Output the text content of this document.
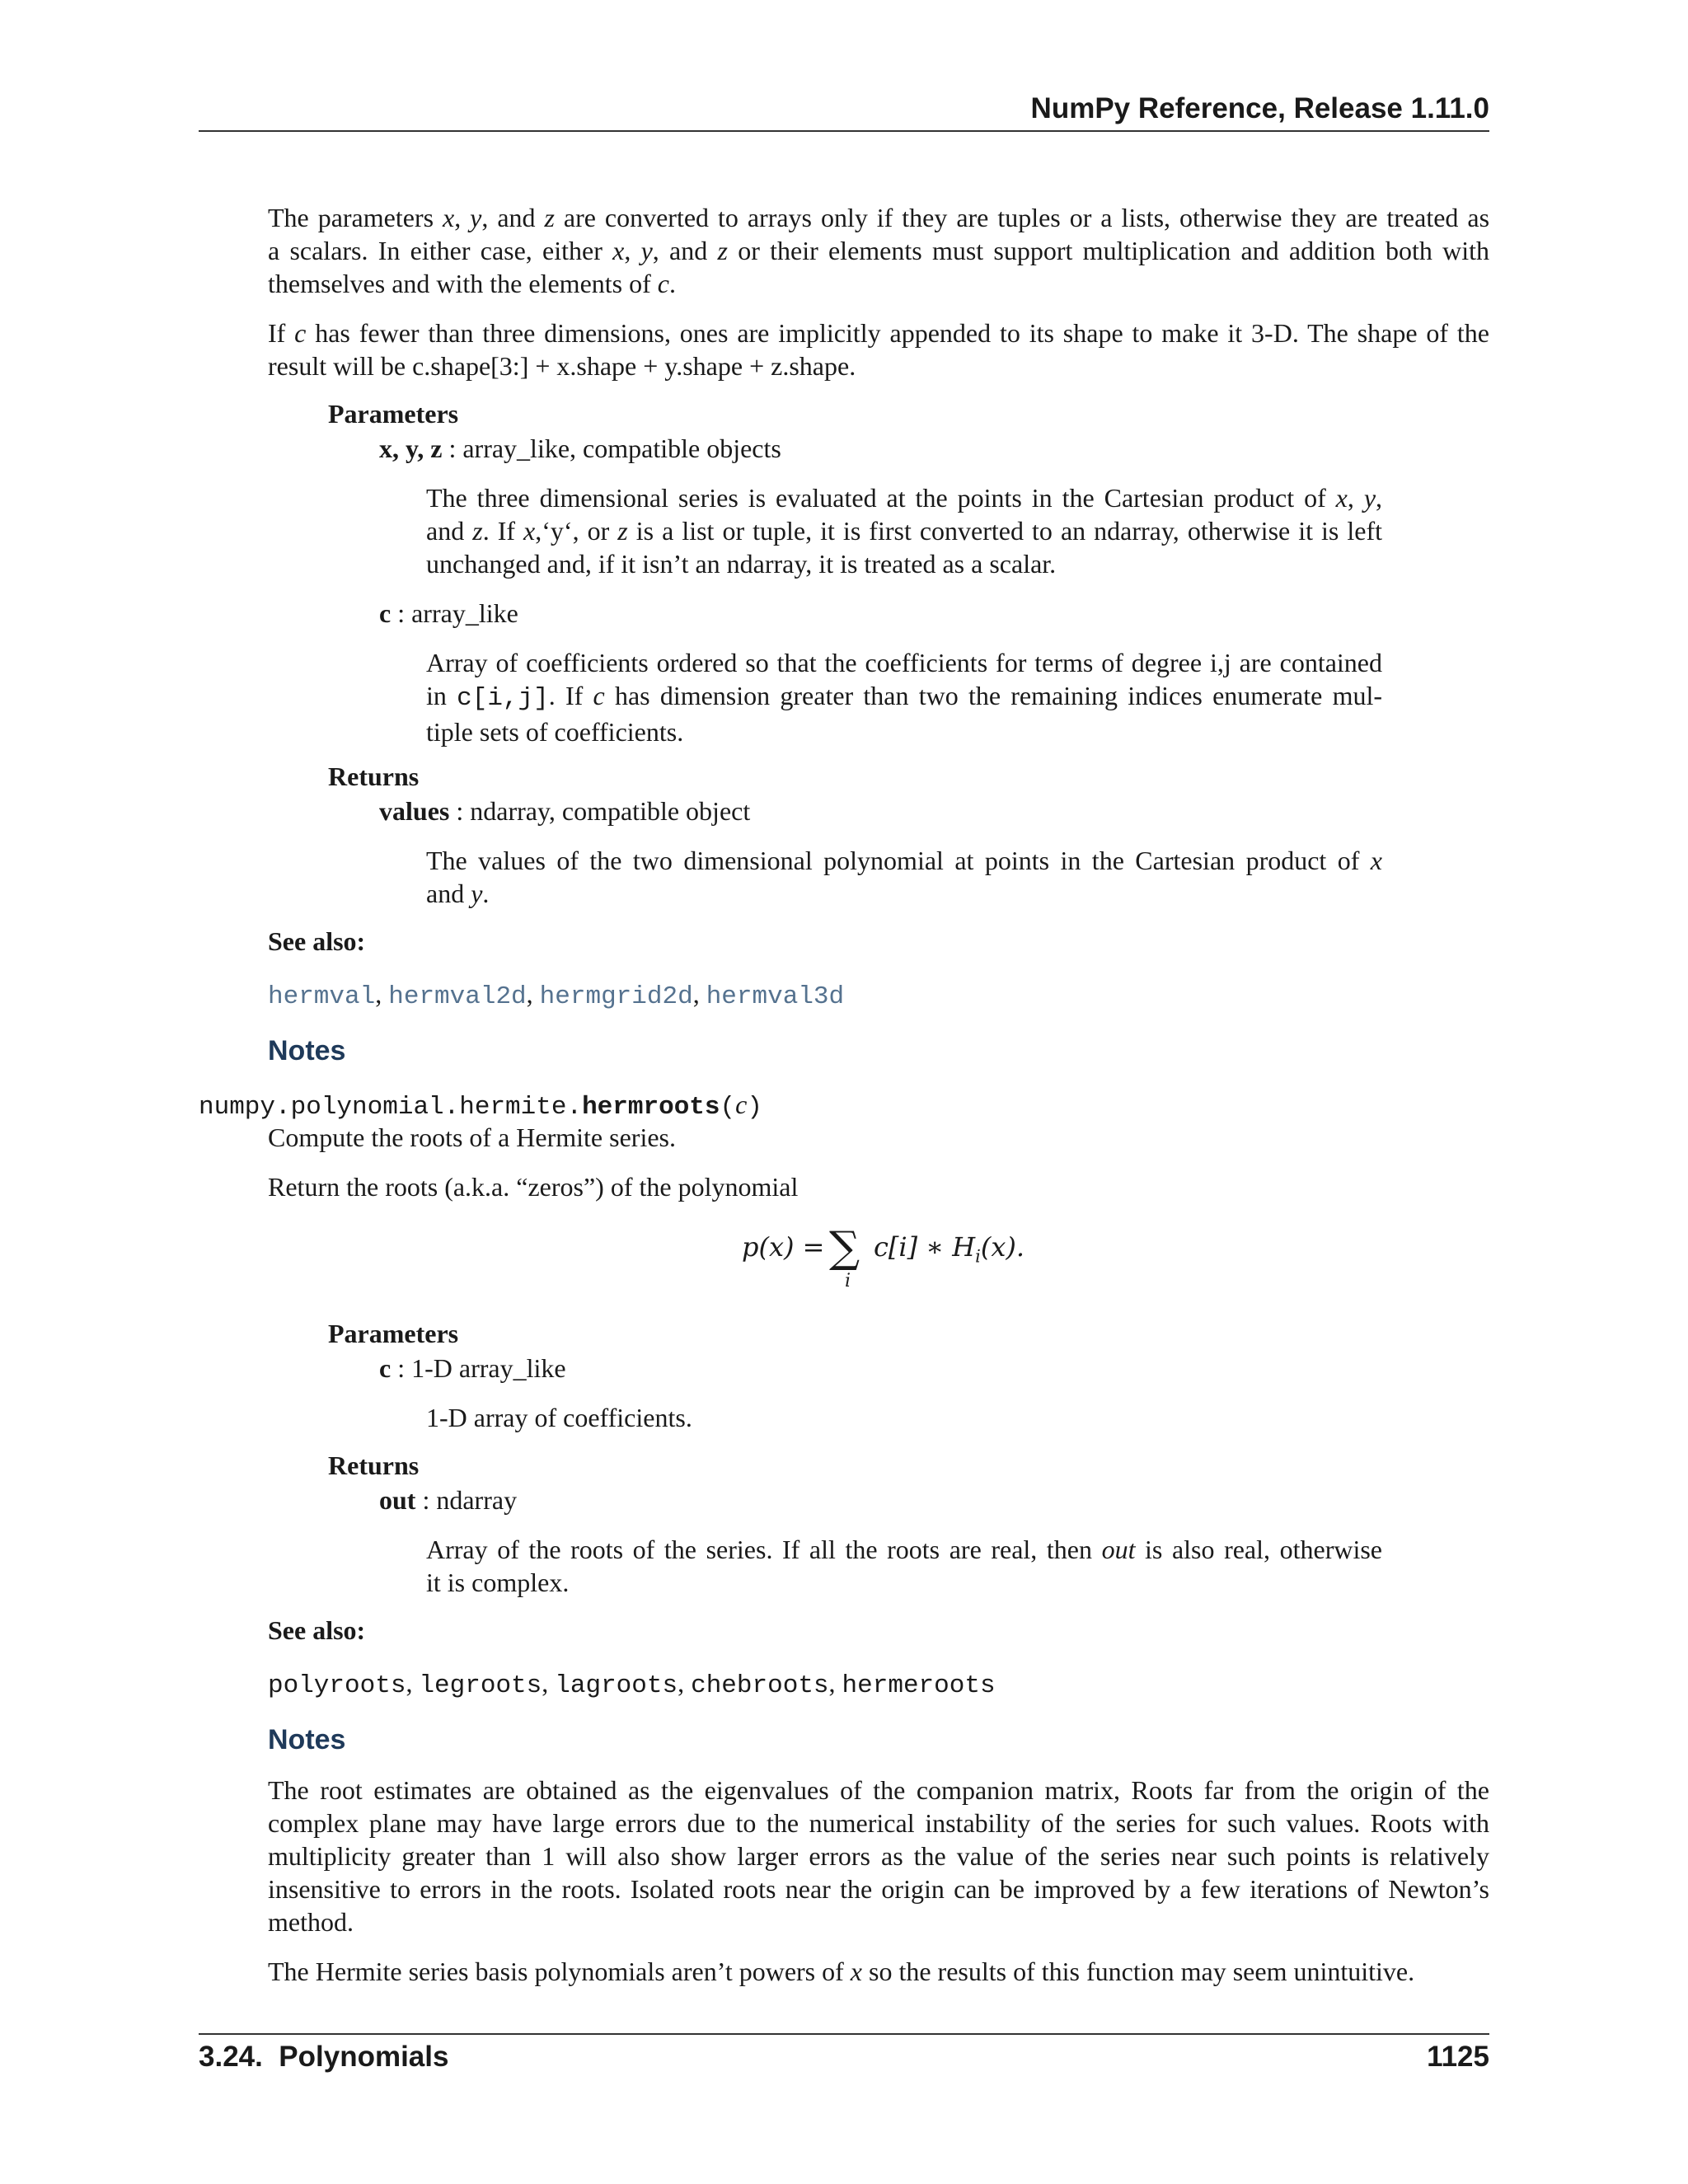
NumPy Reference, Release 1.11.0
The parameters x, y, and z are converted to arrays only if they are tuples or a lists, otherwise they are treated as
a scalars. In either case, either x, y, and z or their elements must support multiplication and addition both with
themselves and with the elements of c.
If c has fewer than three dimensions, ones are implicitly appended to its shape to make it 3-D. The shape of the
result will be c.shape[3:] + x.shape + y.shape + z.shape.
Parameters
x, y, z : array_like, compatible objects
The three dimensional series is evaluated at the points in the Cartesian product of x, y,
and z. If x,‘y‘, or z is a list or tuple, it is first converted to an ndarray, otherwise it is left
unchanged and, if it isn’t an ndarray, it is treated as a scalar.
c : array_like
Array of coefficients ordered so that the coefficients for terms of degree i,j are contained
in c[i,j]. If c has dimension greater than two the remaining indices enumerate mul-
tiple sets of coefficients.
Returns
values : ndarray, compatible object
The values of the two dimensional polynomial at points in the Cartesian product of x
and y.
See also:
hermval, hermval2d, hermgrid2d, hermval3d
Notes
numpy.polynomial.hermite.hermroots(c)
Compute the roots of a Hermite series.
Return the roots (a.k.a. “zeros”) of the polynomial
p(x) = ∑
i
c[i] ∗ $H_i(x)$.
Parameters
c : 1-D array_like
1-D array of coefficients.
Returns
out : ndarray
Array of the roots of the series. If all the roots are real, then out is also real, otherwise
it is complex.
See also:
polyroots, legroots, lagroots, chebroots, hermeroots
Notes
The root estimates are obtained as the eigenvalues of the companion matrix, Roots far from the origin of the
complex plane may have large errors due to the numerical instability of the series for such values. Roots with
multiplicity greater than 1 will also show larger errors as the value of the series near such points is relatively
insensitive to errors in the roots. Isolated roots near the origin can be improved by a few iterations of Newton’s
method.
The Hermite series basis polynomials aren’t powers of x so the results of this function may seem unintuitive.
3.24.  Polynomials	1125
